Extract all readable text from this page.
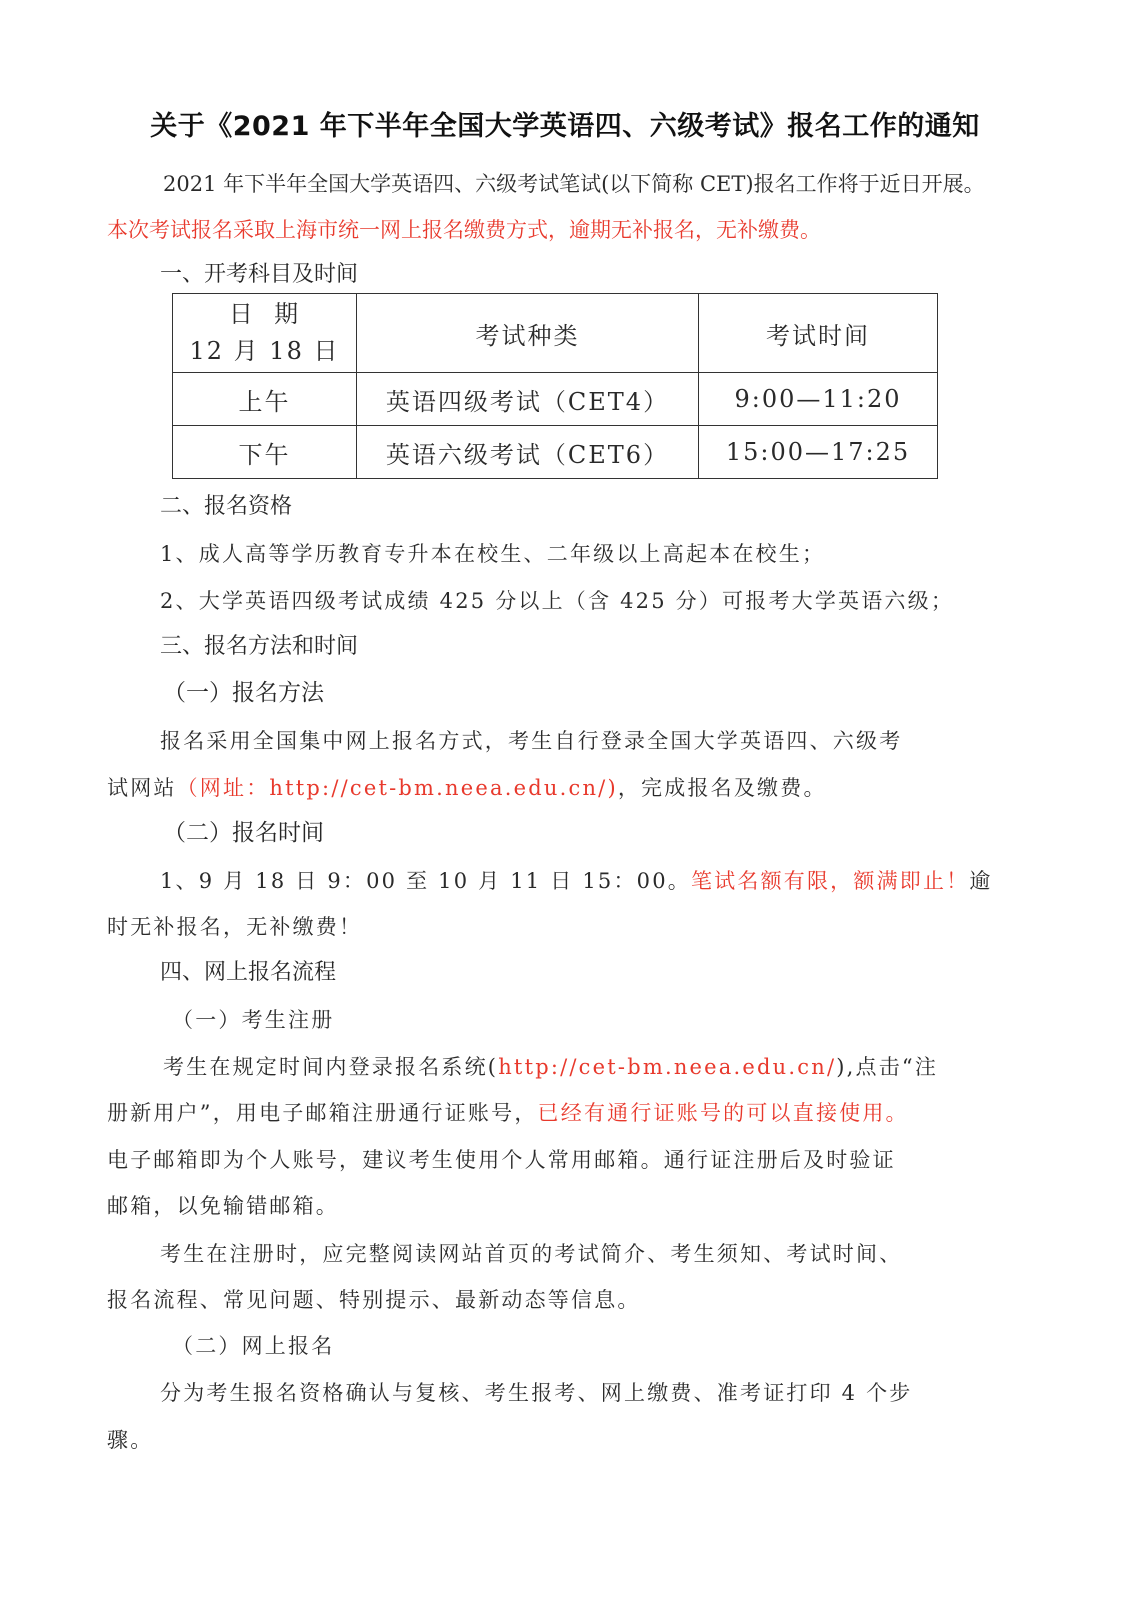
关于《2021 年下半年全国大学英语四、六级考试》报名工作的通知
2021 年下半年全国大学英语四、六级考试笔试(以下简称 CET)报名工作将于近日开展。
本次考试报名采取上海市统一网上报名缴费方式，逾期无补报名，无补缴费。
一、开考科目及时间
日  期
12 月 18 日	考试种类	考试时间
上午	英语四级考试（CET4）	9:00—11:20
下午	英语六级考试（CET6）	15:00—17:25
二、报名资格
1、成人高等学历教育专升本在校生、二年级以上高起本在校生；
2、大学英语四级考试成绩 425 分以上（含 425 分）可报考大学英语六级；
三、报名方法和时间
（一）报名方法
报名采用全国集中网上报名方式，考生自行登录全国大学英语四、六级考
试网站（网址：http://cet-bm.neea.edu.cn/)，完成报名及缴费。
（二）报名时间
1、9 月 18 日 9：00 至 10 月 11 日 15：00。笔试名额有限，额满即止！逾
时无补报名，无补缴费！
四、网上报名流程
（一）考生注册
考生在规定时间内登录报名系统(http://cet-bm.neea.edu.cn/),点击“注
册新用户”，用电子邮箱注册通行证账号，已经有通行证账号的可以直接使用。
电子邮箱即为个人账号，建议考生使用个人常用邮箱。通行证注册后及时验证
邮箱，以免输错邮箱。
考生在注册时，应完整阅读网站首页的考试简介、考生须知、考试时间、
报名流程、常见问题、特别提示、最新动态等信息。
（二）网上报名
分为考生报名资格确认与复核、考生报考、网上缴费、准考证打印 4 个步
骤。
